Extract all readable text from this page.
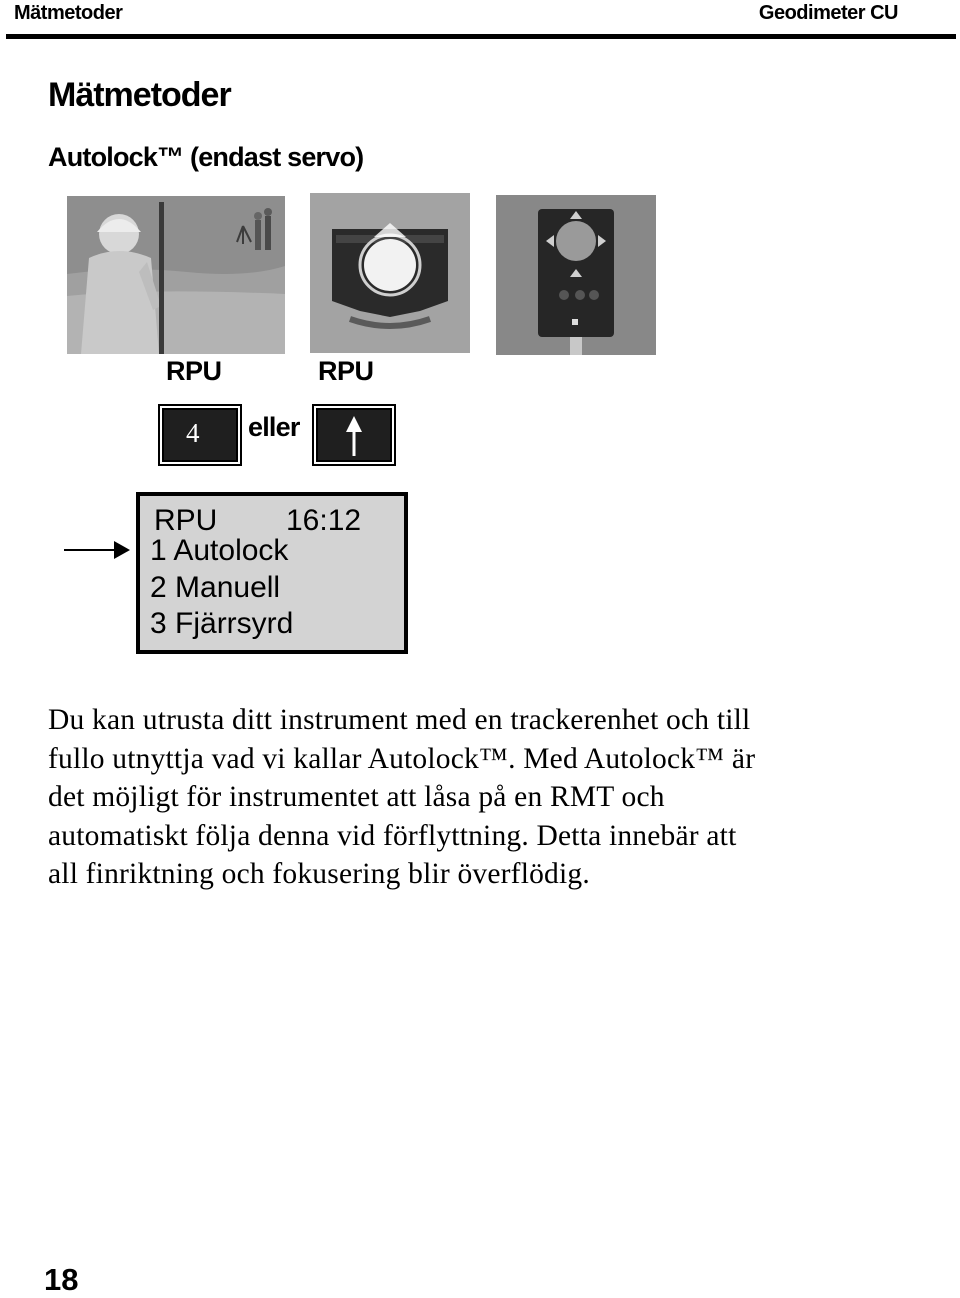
Mätmetoder	Geodimeter CU
Mätmetoder
Autolock™ (endast servo)
RPU	RPU
4 eller
RPU 16:12
1 Autolock
2 Manuell
3 Fjärrsyrd
Du kan utrusta ditt instrument med en trackerenhet och till
fullo utnyttja vad vi kallar Autolock™. Med Autolock™ är
det möjligt för instrumentet att låsa på en RMT och
automatiskt följa denna vid förflyttning. Detta innebär att
all finriktning och fokusering blir överflödig.
18
